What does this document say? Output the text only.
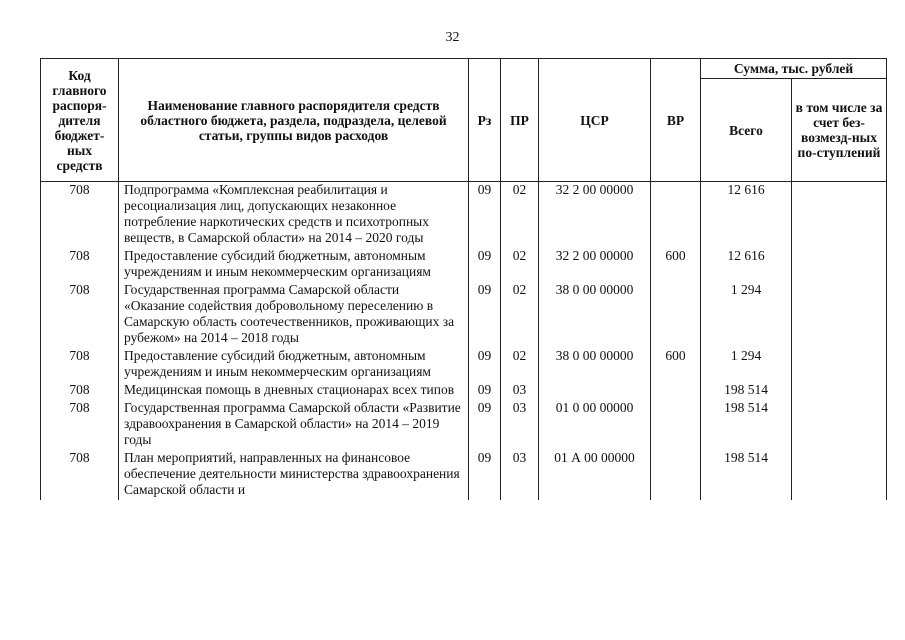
32
Код главного распоря-дителя бюджет-ных средств	Наименование главного распорядителя средств областного бюджета, раздела, подраздела, целевой статьи, группы видов расходов	Рз	ПР	ЦСР	ВР	Сумма, тыс. рублей	
						Всего	в том числе за счет без-возмезд-ных по-ступлений
708	Подпрограмма «Комплексная реабилитация и ресоциализация лиц, допускающих незаконное потребление наркотических средств и психотропных веществ, в Самарской области» на 2014 – 2020 годы	09	02	32 2 00 00000		12 616	
708	Предоставление субсидий бюджетным, автономным учреждениям и иным некоммерческим организациям	09	02	32 2 00 00000	600	12 616	
708	Государственная программа Самарской области «Оказание содействия добровольному переселению в Самарскую область соотечественников, проживающих за рубежом» на 2014 – 2018 годы	09	02	38 0 00 00000		1 294	
708	Предоставление субсидий бюджетным, автономным учреждениям и иным некоммерческим организациям	09	02	38 0 00 00000	600	1 294	
708	Медицинская помощь в дневных стационарах всех типов	09	03			198 514	
708	Государственная программа Самарской области «Развитие здравоохранения в Самарской области» на 2014 – 2019 годы	09	03	01 0 00 00000		198 514	
708	План мероприятий, направленных на финансовое обеспечение деятельности министерства здравоохранения Самарской области и	09	03	01 А 00 00000		198 514	
